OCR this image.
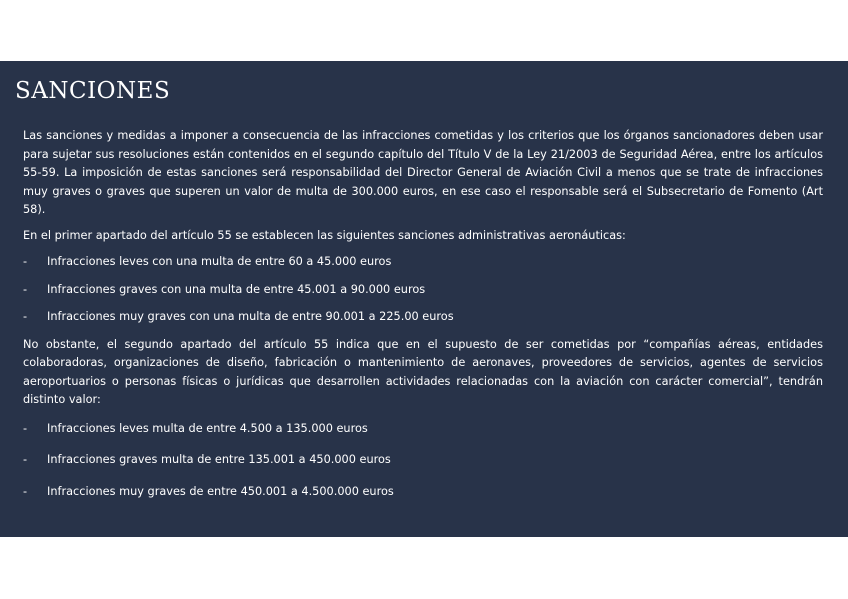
SANCIONES

Las sanciones y medidas a imponer a consecuencia de las infracciones cometidas y los criterios que los órganos sancionadores deben usar para sujetar sus resoluciones están contenidos en el segundo capítulo del Título V de la Ley 21/2003 de Seguridad Aérea, entre los artículos 55-59. La imposición de estas sanciones será responsabilidad del Director General de Aviación Civil a menos que se trate de infracciones muy graves o graves que superen un valor de multa de 300.000 euros, en ese caso el responsable será el Subsecretario de Fomento (Art 58).

En el primer apartado del artículo 55 se establecen las siguientes sanciones administrativas aeronáuticas:

- Infracciones leves con una multa de entre 60 a 45.000 euros
- Infracciones graves con una multa de entre 45.001 a 90.000 euros
- Infracciones muy graves con una multa de entre 90.001 a 225.00 euros

No obstante, el segundo apartado del artículo 55 indica que en el supuesto de ser cometidas por “compañías aéreas, entidades colaboradoras, organizaciones de diseño, fabricación o mantenimiento de aeronaves, proveedores de servicios, agentes de servicios aeroportuarios o personas físicas o jurídicas que desarrollen actividades relacionadas con la aviación con carácter comercial”, tendrán distinto valor:

- Infracciones leves multa de entre 4.500 a 135.000 euros
- Infracciones graves multa de entre 135.001 a 450.000 euros
- Infracciones muy graves de entre 450.001 a 4.500.000 euros
